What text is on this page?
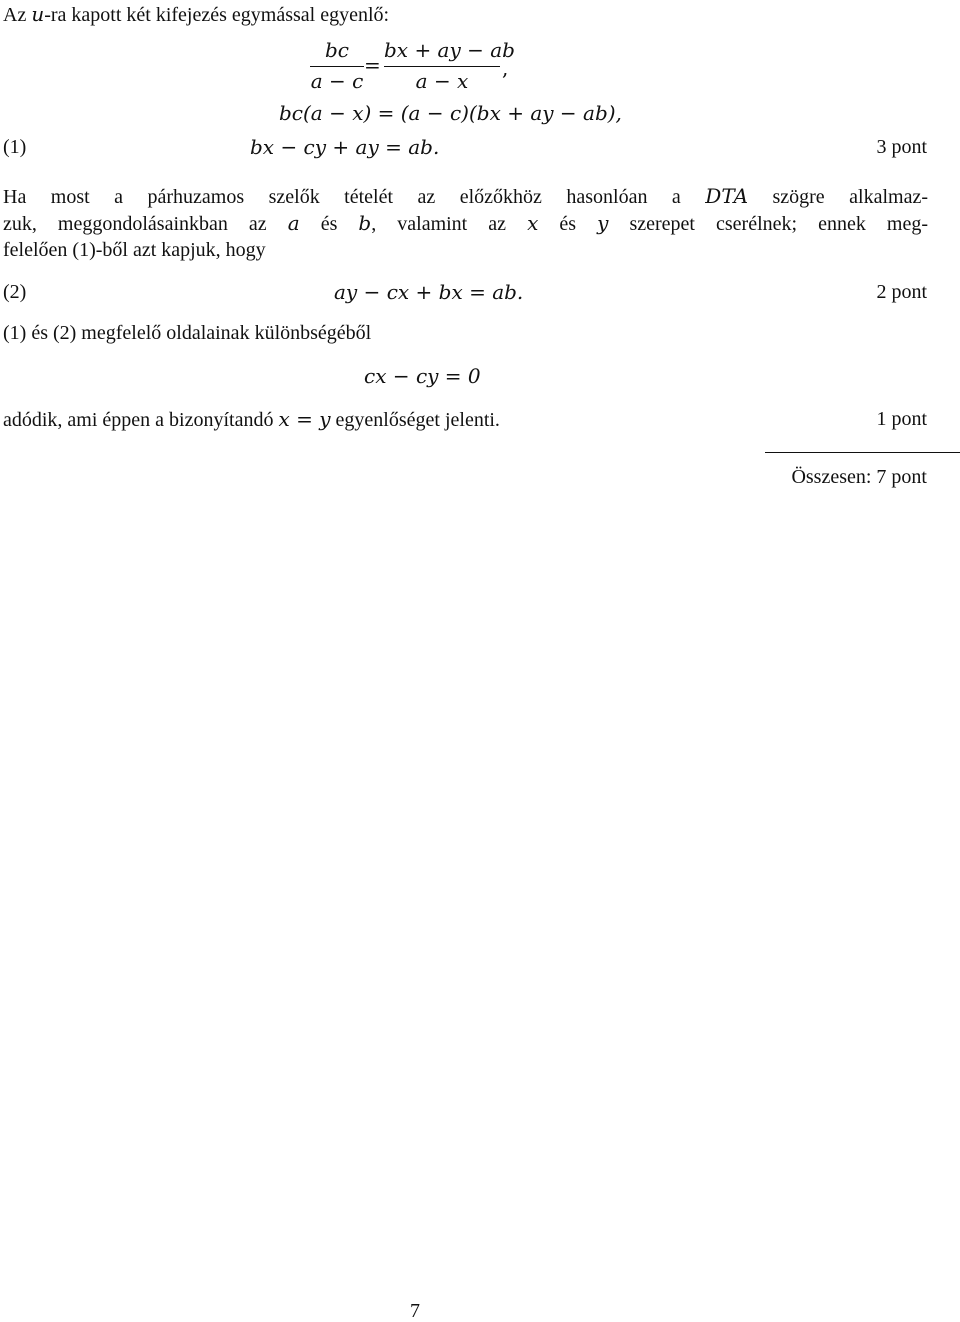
Az u-ra kapott két kifejezés egymással egyenlő:
bc
a − c
=
bx + ay − ab
a − x
,
bc(a − x) = (a − c)(bx + ay − ab),
(1)	bx − cy + ay = ab.	3 pont
Ha most a párhuzamos szelők tételét az előzőkhöz hasonlóan a DTA szögre alkalmaz-
zuk, meggondolásainkban az a és b, valamint az x és y szerepet cserélnek; ennek meg-
felelően (1)-ből azt kapjuk, hogy
(2)	ay − cx + bx = ab.	2 pont
(1) és (2) megfelelő oldalainak különbségéből
cx − cy = 0
adódik, ami éppen a bizonyítandó x = y egyenlőséget jelenti.	1 pont
Összesen: 7 pont
7
